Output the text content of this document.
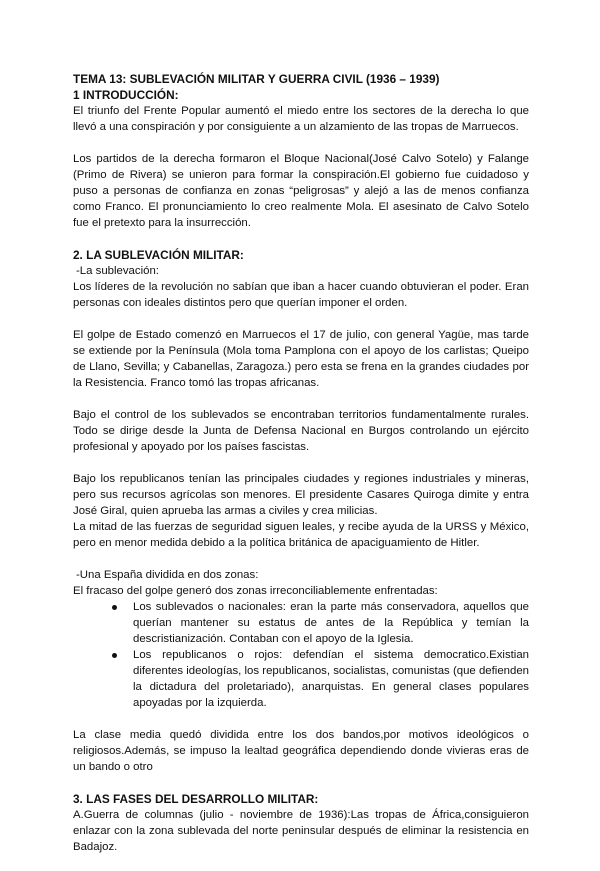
TEMA 13: SUBLEVACIÓN MILITAR Y GUERRA CIVIL (1936 – 1939)
1 INTRODUCCIÓN:

El triunfo del Frente Popular aumentó el miedo entre los sectores de la derecha lo que llevó a una conspiración y por consiguiente a un alzamiento de las tropas de Marruecos.

Los partidos de la derecha formaron el Bloque Nacional(José Calvo Sotelo) y Falange (Primo de Rivera) se unieron para formar la conspiración.El gobierno fue cuidadoso y puso a personas de confianza en zonas “peligrosas” y alejó a las de menos confianza como Franco. El pronunciamiento lo creo realmente Mola. El asesinato de Calvo Sotelo fue el pretexto para la insurrección.

2. LA SUBLEVACIÓN MILITAR:
-La sublevación:

Los líderes de la revolución no sabían que iban a hacer cuando obtuvieran el poder. Eran personas con ideales distintos pero que querían imponer el orden.

El golpe de Estado comenzó en Marruecos el 17 de julio, con general Yagüe, mas tarde se extiende por la Península (Mola toma Pamplona con el apoyo de los carlistas; Queipo de Llano, Sevilla; y Cabanellas, Zaragoza.) pero esta se frena en la grandes ciudades por la Resistencia. Franco tomó las tropas africanas.

Bajo el control de los sublevados se encontraban territorios fundamentalmente rurales. Todo se dirige desde la Junta de Defensa Nacional en Burgos controlando un ejército profesional y apoyado por los países fascistas.

Bajo los republicanos tenían las principales ciudades y regiones industriales y mineras, pero sus recursos agrícolas son menores. El presidente Casares Quiroga dimite y entra José Giral, quien aprueba las armas a civiles y crea milicias.

La mitad de las fuerzas de seguridad siguen leales, y recibe ayuda de la URSS y México, pero en menor medida debido a la política británica de apaciguamiento de Hitler.

-Una España dividida en dos zonas:

El fracaso del golpe generó dos zonas irreconciliablemente enfrentadas:

Los sublevados o nacionales: eran la parte más conservadora, aquellos que querían mantener su estatus de antes de la República y temían la descristianización. Contaban con el apoyo de la Iglesia.
Los republicanos o rojos: defendían el sistema democratico.Existian diferentes ideologías, los republicanos, socialistas, comunistas (que defienden la dictadura del proletariado), anarquistas. En general clases populares apoyadas por la izquierda.

La clase media quedó dividida entre los dos bandos,por motivos ideológicos o religiosos.Además, se impuso la lealtad geográfica dependiendo donde vivieras eras de un bando o otro

3. LAS FASES DEL DESARROLLO MILITAR:

A.Guerra de columnas (julio - noviembre de 1936):Las tropas de África,consiguieron enlazar con la zona sublevada del norte peninsular después de eliminar la resistencia en Badajoz.
